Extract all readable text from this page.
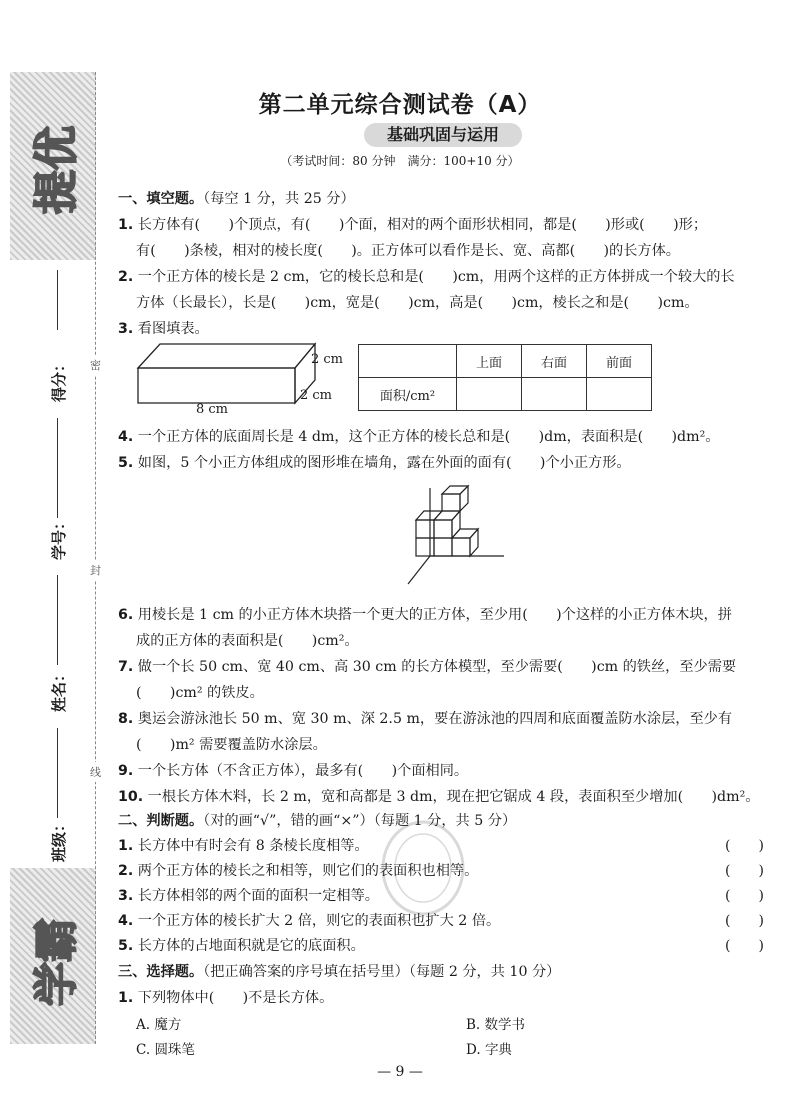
提优
学霸
密
封
线
得分：
学号：
姓名：
班级：
第二单元综合测试卷（A）
基础巩固与运用
（考试时间：80 分钟　满分：100+10 分）
一、填空题。（每空 1 分，共 25 分）
1. 长方体有(　　)个顶点，有(　　)个面，相对的两个面形状相同，都是(　　)形或(　　)形；
有(　　)条棱，相对的棱长度(　　)。正方体可以看作是长、宽、高都(　　)的长方体。
2. 一个正方体的棱长是 2 cm，它的棱长总和是(　　)cm，用两个这样的正方体拼成一个较大的长
方体（长最长），长是(　　)cm，宽是(　　)cm，高是(　　)cm，棱长之和是(　　)cm。
3. 看图填表。
2 cm
2 cm
8 cm
	上面	右面	前面
面积/cm²			
4. 一个正方体的底面周长是 4 dm，这个正方体的棱长总和是(　　)dm，表面积是(　　)dm²。
5. 如图，5 个小正方体组成的图形堆在墙角，露在外面的面有(　　)个小正方形。
6. 用棱长是 1 cm 的小正方体木块搭一个更大的正方体，至少用(　　)个这样的小正方体木块，拼
成的正方体的表面积是(　　)cm²。
7. 做一个长 50 cm、宽 40 cm、高 30 cm 的长方体模型，至少需要(　　)cm 的铁丝，至少需要
(　　)cm² 的铁皮。
8. 奥运会游泳池长 50 m、宽 30 m、深 2.5 m，要在游泳池的四周和底面覆盖防水涂层，至少有
(　　)m² 需要覆盖防水涂层。
9. 一个长方体（不含正方体），最多有(　　)个面相同。
10. 一根长方体木料，长 2 m，宽和高都是 3 dm，现在把它锯成 4 段，表面积至少增加(　　)dm²。
二、判断题。（对的画“√”，错的画“×”）（每题 1 分，共 5 分）
1. 长方体中有时会有 8 条棱长度相等。	(　　)
2. 两个正方体的棱长之和相等，则它们的表面积也相等。	(　　)
3. 长方体相邻的两个面的面积一定相等。	(　　)
4. 一个正方体的棱长扩大 2 倍，则它的表面积也扩大 2 倍。	(　　)
5. 长方体的占地面积就是它的底面积。	(　　)
三、选择题。（把正确答案的序号填在括号里）（每题 2 分，共 10 分）
1. 下列物体中(　　)不是长方体。
A. 魔方	B. 数学书
C. 圆珠笔	D. 字典
— 9 —
